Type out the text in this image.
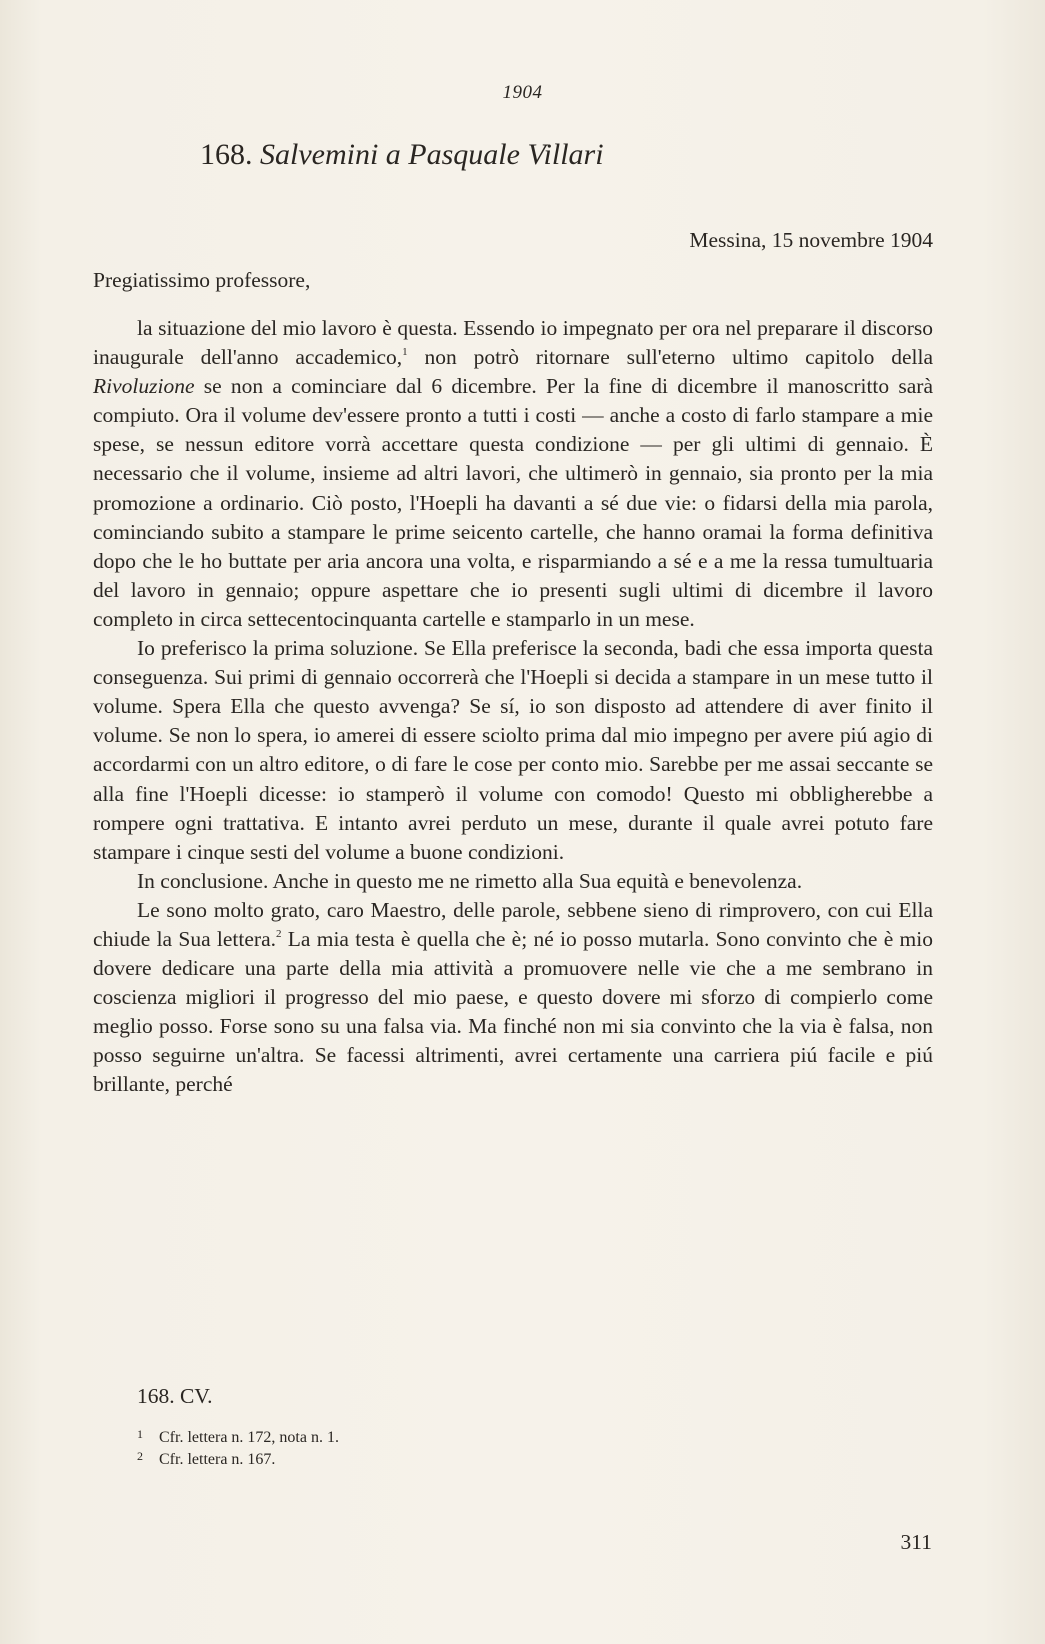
1904
168. Salvemini a Pasquale Villari
Messina, 15 novembre 1904
Pregiatissimo professore,

la situazione del mio lavoro è questa. Essendo io impegnato per ora nel preparare il discorso inaugurale dell'anno accademico,$^1$ non potrò ritornare sull'eterno ultimo capitolo della Rivoluzione se non a cominciare dal 6 dicembre. Per la fine di dicembre il manoscritto sarà compiuto. Ora il volume dev'essere pronto a tutti i costi — anche a costo di farlo stampare a mie spese, se nessun editore vorrà accettare questa condizione — per gli ultimi di gennaio. È necessario che il volume, insieme ad altri lavori, che ultimerò in gennaio, sia pronto per la mia promozione a ordinario. Ciò posto, l'Hoepli ha davanti a sé due vie: o fidarsi della mia parola, cominciando subito a stampare le prime seicento cartelle, che hanno oramai la forma definitiva dopo che le ho buttate per aria ancora una volta, e risparmiando a sé e a me la ressa tumultuaria del lavoro in gennaio; oppure aspettare che io presenti sugli ultimi di dicembre il lavoro completo in circa settecentocinquanta cartelle e stamparlo in un mese.

Io preferisco la prima soluzione. Se Ella preferisce la seconda, badi che essa importa questa conseguenza. Sui primi di gennaio occorrerà che l'Hoepli si decida a stampare in un mese tutto il volume. Spera Ella che questo avvenga? Se sí, io son disposto ad attendere di aver finito il volume. Se non lo spera, io amerei di essere sciolto prima dal mio impegno per avere piú agio di accordarmi con un altro editore, o di fare le cose per conto mio. Sarebbe per me assai seccante se alla fine l'Hoepli dicesse: io stamperò il volume con comodo! Questo mi obbligherebbe a rompere ogni trattativa. E intanto avrei perduto un mese, durante il quale avrei potuto fare stampare i cinque sesti del volume a buone condizioni.

In conclusione. Anche in questo me ne rimetto alla Sua equità e benevolenza.

Le sono molto grato, caro Maestro, delle parole, sebbene sieno di rimprovero, con cui Ella chiude la Sua lettera.$^2$ La mia testa è quella che è; né io posso mutarla. Sono convinto che è mio dovere dedicare una parte della mia attività a promuovere nelle vie che a me sembrano in coscienza migliori il progresso del mio paese, e questo dovere mi sforzo di compierlo come meglio posso. Forse sono su una falsa via. Ma finché non mi sia convinto che la via è falsa, non posso seguirne un'altra. Se facessi altrimenti, avrei certamente una carriera piú facile e piú brillante, perché

168. CV.
1 Cfr. lettera n. 172, nota n. 1.
2 Cfr. lettera n. 167.
311
